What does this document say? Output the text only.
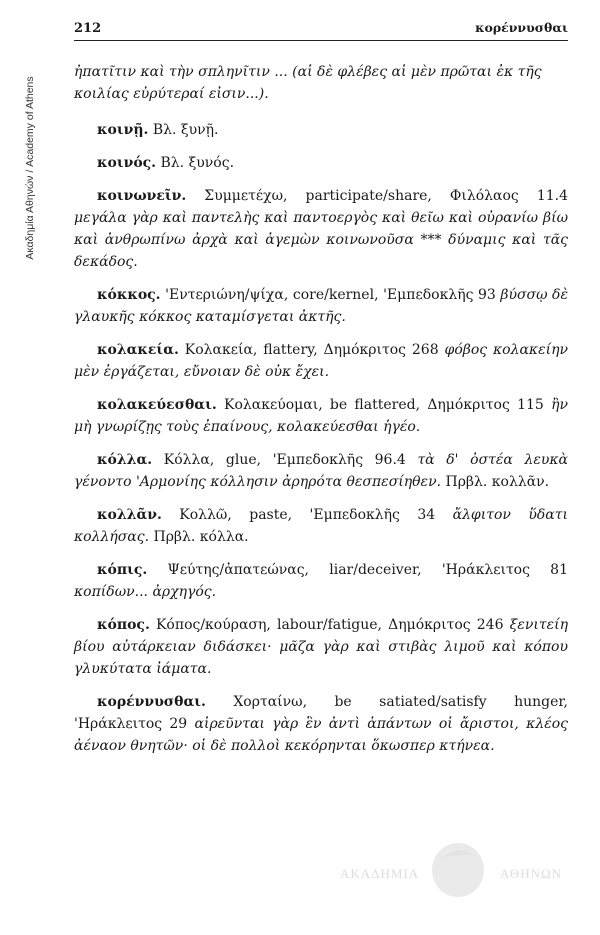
Ακαδημία Αθηνών / Academy of Athens
212	κορέννυσθαι

ἠπατῖτιν καὶ τὴν σπληνῖτιν ... (αἱ δὲ φλέβες αἱ μὲν πρῶται ἐκ τῆς κοιλίας εὐρύτεραί εἰσιν...).

κοινῇ. Βλ. ξυνῇ.

κοινός. Βλ. ξυνός.

κοινωνεῖν. Συμμετέχω, participate/share, Φιλόλαος 11.4 μεγάλα γὰρ καὶ παντελὴς καὶ παντοεργὸς καὶ θεῖω καὶ οὐρανίω βίω καὶ ἀνθρωπίνω ἀρχὰ καὶ ἁγεμὼν κοινωνοῦσα *** δύναμις καὶ τᾶς δεκάδος.

κόκκος. 'Εντεριώνη/ψίχα, core/kernel, 'Εμπεδοκλῆς 93 βύσσῳ δὲ γλαυκῆς κόκκος καταμίσγεται ἀκτῆς.

κολακεία. Κολακεία, flattery, Δημόκριτος 268 φόβος κολακείην μὲν ἐργάζεται, εὔνοιαν δὲ οὐκ ἔχει.

κολακεύεσθαι. Κολακεύομαι, be flattered, Δημόκριτος 115 ἢν μὴ γνωρίζῃς τοὺς ἐπαίνους, κολακεύεσθαι ἡγέο.

κόλλα. Κόλλα, glue, 'Εμπεδοκλῆς 96.4 τὰ δ' ὀστέα λευκὰ γένοντο 'Αρμονίης κόλλησιν ἀρηρότα θεσπεσίηθεν. Πρβλ. κολλᾶν.

κολλᾶν. Κολλῶ, paste, 'Εμπεδοκλῆς 34 ἄλφιτον ὕδατι κολλήσας. Πρβλ. κόλλα.

κόπις. Ψεύτης/ἀπατεώνας, liar/deceiver, 'Ηράκλειτος 81 κοπίδων... ἀρχηγός.

κόπος. Κόπος/κούραση, labour/fatigue, Δημόκριτος 246 ξενιτείη βίου αὐτάρκειαν διδάσκει· μᾶζα γὰρ καὶ στιβὰς λιμοῦ καὶ κόπου γλυκύτατα ἰάματα.

κορέννυσθαι. Χορταίνω, be satiated/satisfy hunger, 'Ηράκλειτος 29 αἱρεῦνται γὰρ ἓν ἀντὶ ἁπάντων οἱ ἄριστοι, κλέος ἀέναον θνητῶν· οἱ δὲ πολλοὶ κεκόρηνται ὅκωσπερ κτήνεα.

ΑΚΑΔΗΜΙΑ	ΑΘΗΝΩΝ
